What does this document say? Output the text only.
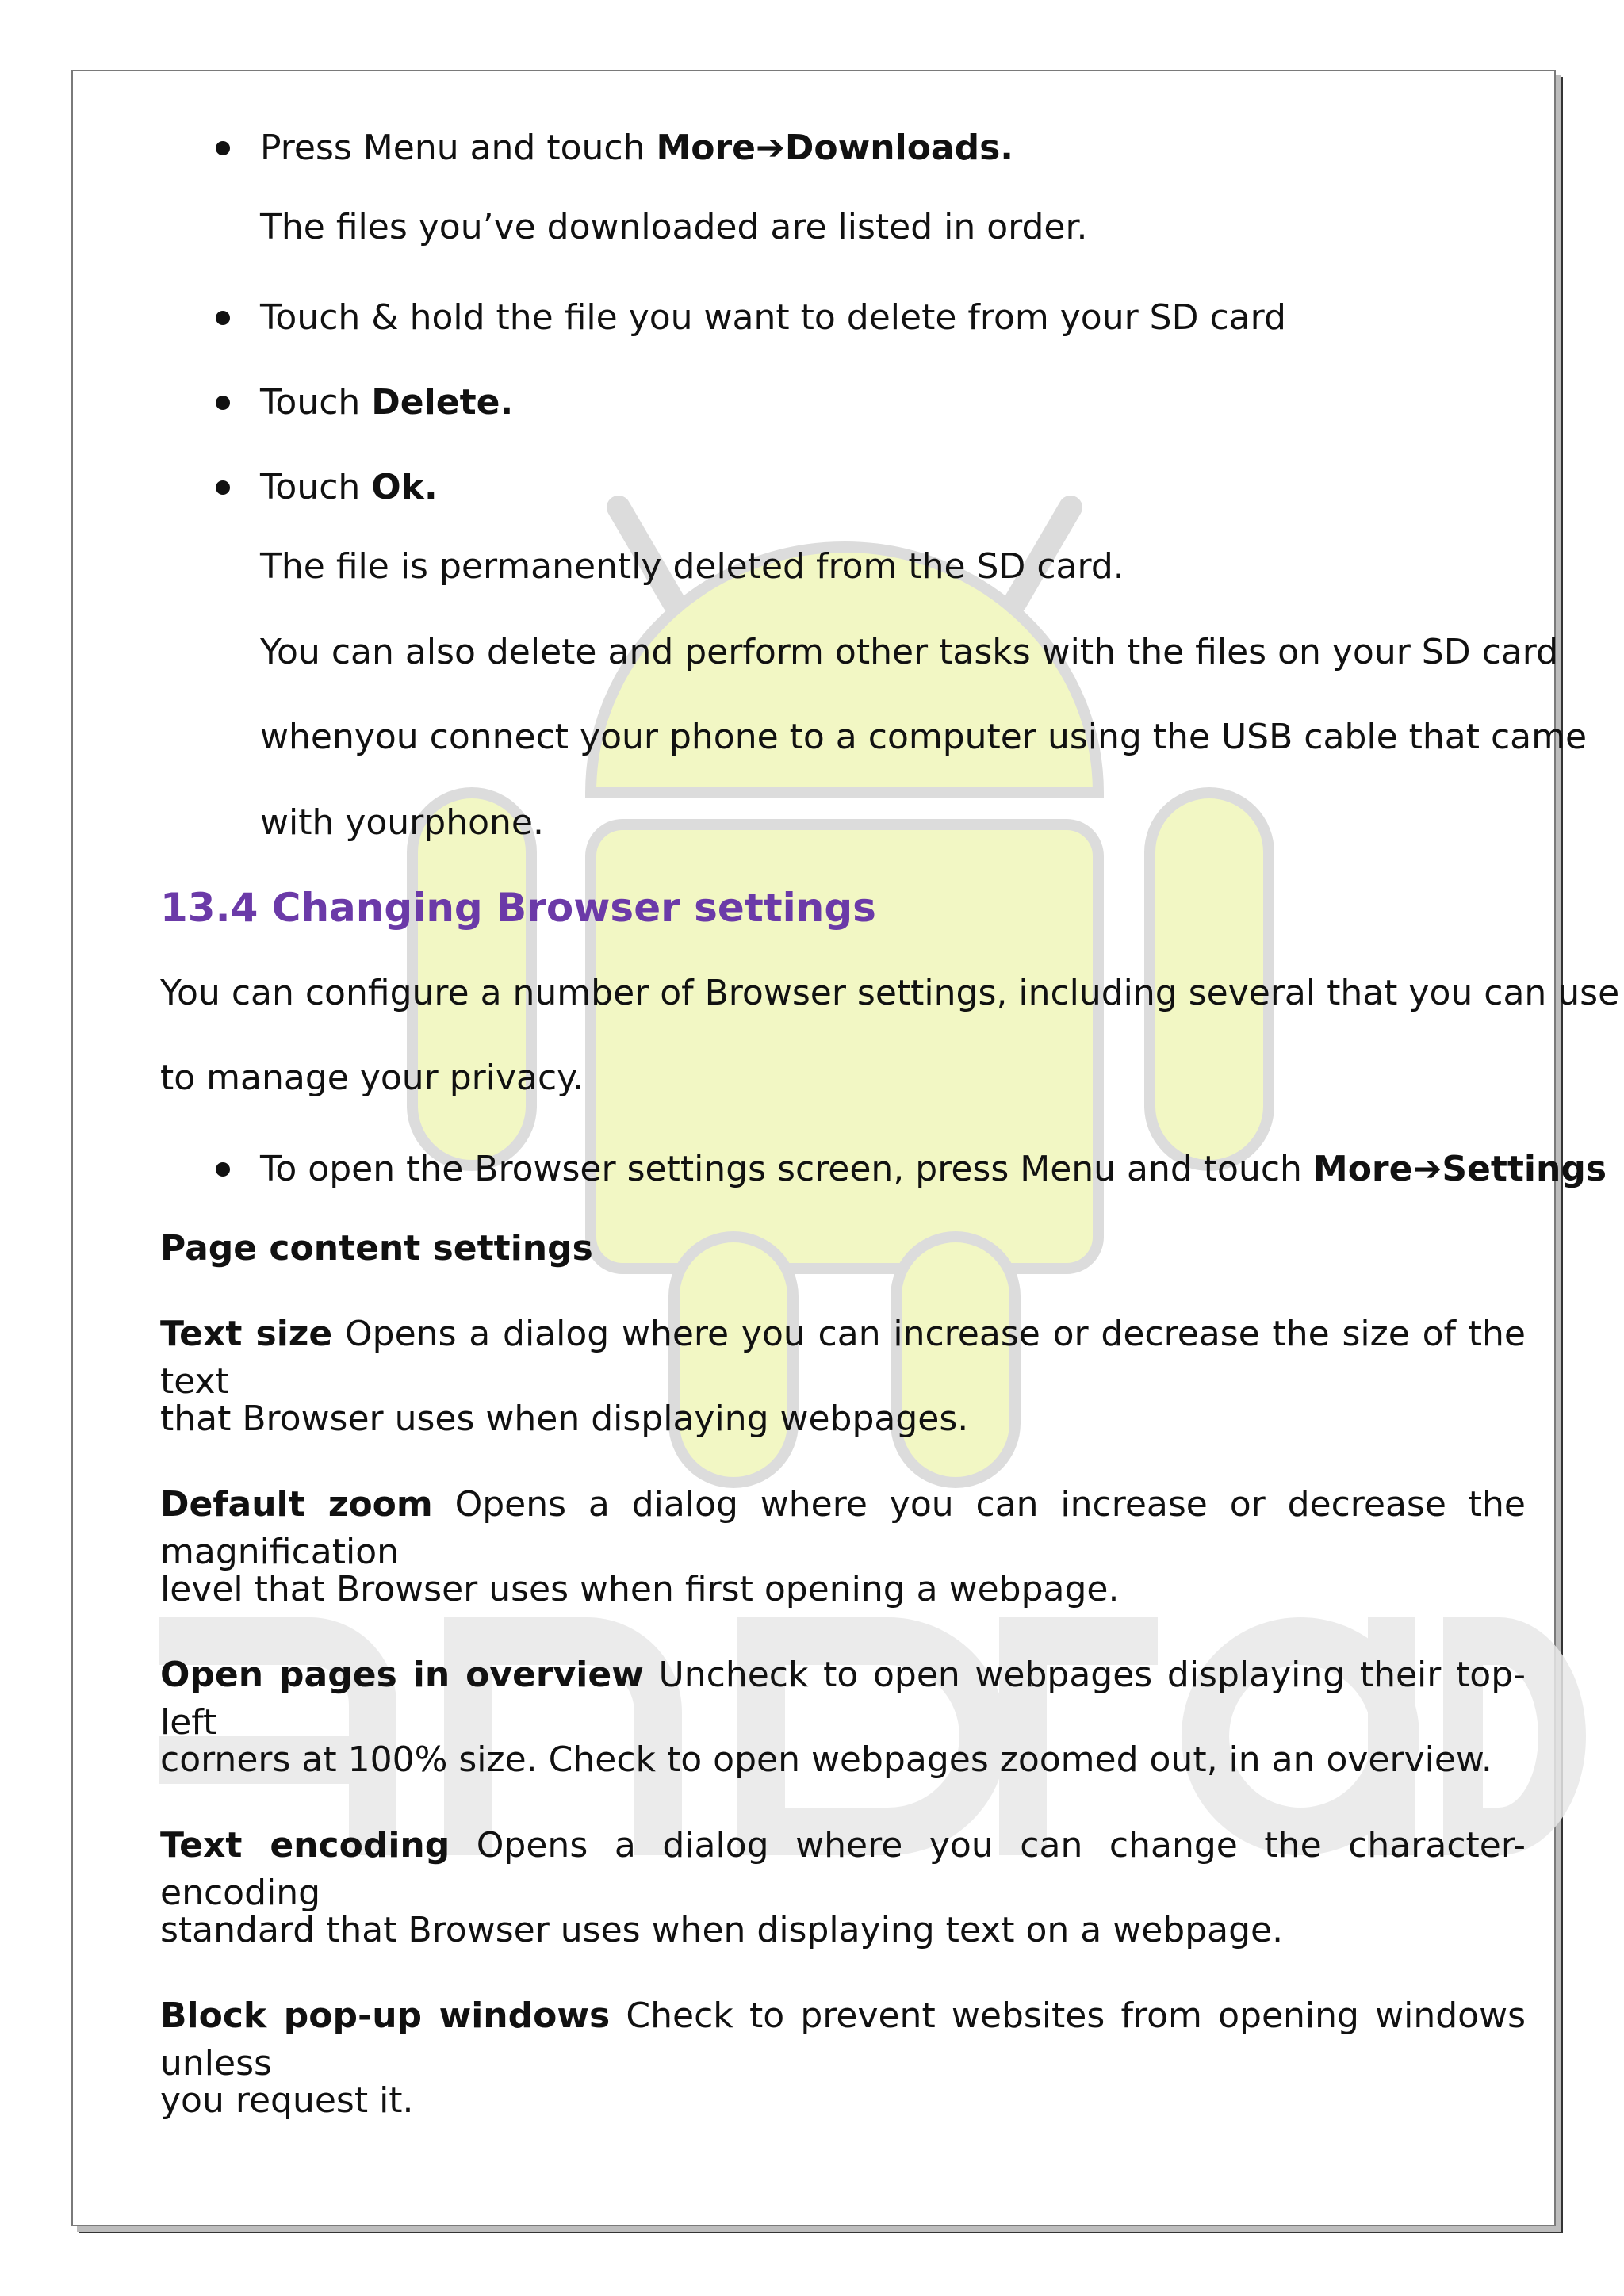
Press Menu and touch More➔Downloads.
The files you’ve downloaded are listed in order.
Touch & hold the file you want to delete from your SD card
Touch Delete.
Touch Ok.
The file is permanently deleted from the SD card.
You can also delete and perform other tasks with the files on your SD card
whenyou connect your phone to a computer using the USB cable that came
with yourphone.
13.4 Changing Browser settings
You can configure a number of Browser settings, including several that you can use
to manage your privacy.
To open the Browser settings screen, press Menu and touch More➔Settings
Page content settings
Text size Opens a dialog where you can increase or decrease the size of the text
that Browser uses when displaying webpages.
Default zoom Opens a dialog where you can increase or decrease the magnification
level that Browser uses when first opening a webpage.
Open pages in overview Uncheck to open webpages displaying their top-left
corners at 100% size. Check to open webpages zoomed out, in an overview.
Text encoding Opens a dialog where you can change the character-encoding
standard that Browser uses when displaying text on a webpage.
Block pop-up windows Check to prevent websites from opening windows unless
you request it.
